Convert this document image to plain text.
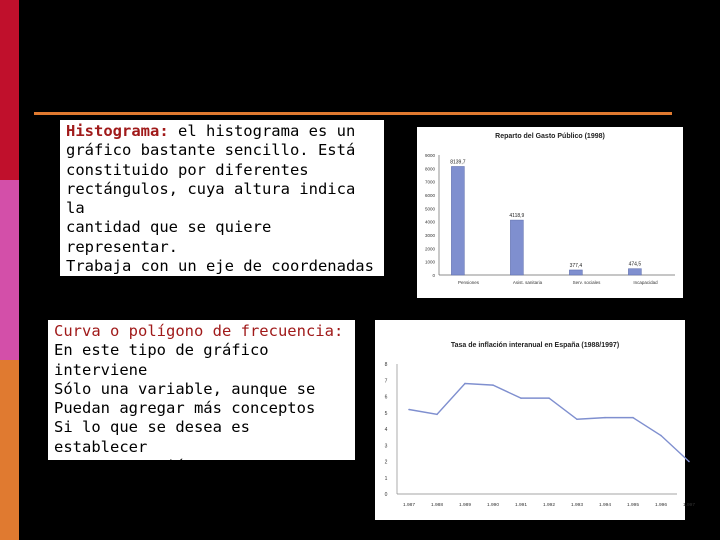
Histograma: el histograma es un
gráfico bastante sencillo. Está
constituido por diferentes
rectángulos, cuya altura indica la
cantidad que se quiere representar.
Trabaja con un eje de coordenadas
sobre el que se apoyan los conceptos.
Curva o polígono de frecuencia:
En este tipo de gráfico interviene
Sólo una variable, aunque se
Puedan agregar más conceptos
Si lo que se desea es establecer
Una comparación.
Reparto del Gasto Público (1998)
0
1000
2000
3000
4000
5000
6000
7000
8000
9000
8139,7
Pensiones
4118,9
Asist. sanitaria
377,4
Serv. sociales
474,5
Incapacidad
Tasa de inflación interanual en España (1988/1997)
0
1
2
3
4
5
6
7
8
1.987	1.988	1.989	1.990	1.991	1.992	1.993	1.994	1.995	1.996	1.997
